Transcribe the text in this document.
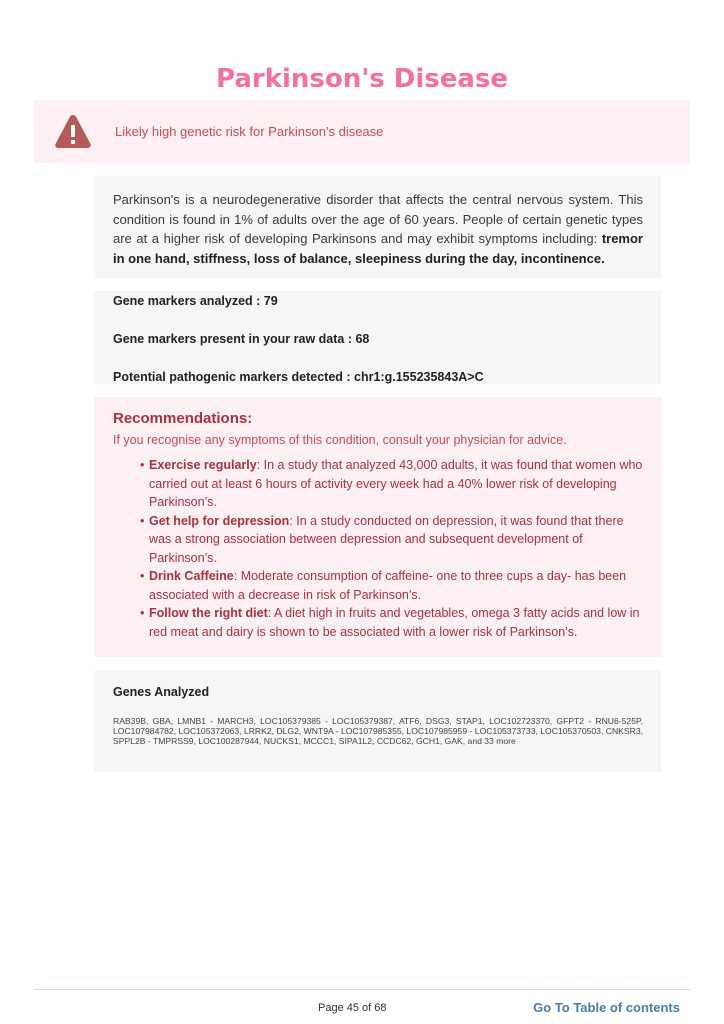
Parkinson's Disease
Likely high genetic risk for Parkinson's disease

Parkinson's is a neurodegenerative disorder that affects the central nervous system. This condition is found in 1% of adults over the age of 60 years. People of certain genetic types are at a higher risk of developing Parkinsons and may exhibit symptoms including: tremor in one hand, stiffness, loss of balance, sleepiness during the day, incontinence.

Gene markers analyzed : 79
Gene markers present in your raw data : 68
Potential pathogenic markers detected : chr1:g.155235843A>C
Recommendations:
If you recognise any symptoms of this condition, consult your physician for advice.
• Exercise regularly: In a study that analyzed 43,000 adults, it was found that women who carried out at least 6 hours of activity every week had a 40% lower risk of developing Parkinson’s.
• Get help for depression: In a study conducted on depression, it was found that there was a strong association between depression and subsequent development of Parkinson’s.
• Drink Caffeine: Moderate consumption of caffeine- one to three cups a day- has been associated with a decrease in risk of Parkinson’s.
• Follow the right diet: A diet high in fruits and vegetables, omega 3 fatty acids and low in red meat and dairy is shown to be associated with a lower risk of Parkinson’s.
Genes Analyzed

RAB39B, GBA, LMNB1 - MARCH3, LOC105379385 - LOC105379387, ATF6, DSG3, STAP1, LOC102723370, GFPT2 - RNU6-525P, LOC107984782, LOC105372063, LRRK2, DLG2, WNT9A - LOC107985355, LOC107985959 - LOC105373733, LOC105370503, CNKSR3, SPPL2B - TMPRSS9, LOC100287944, NUCKS1, MCCC1, SIPA1L2, CCDC62, GCH1, GAK, and 33 more

Page 45 of 68	Go To Table of contents
